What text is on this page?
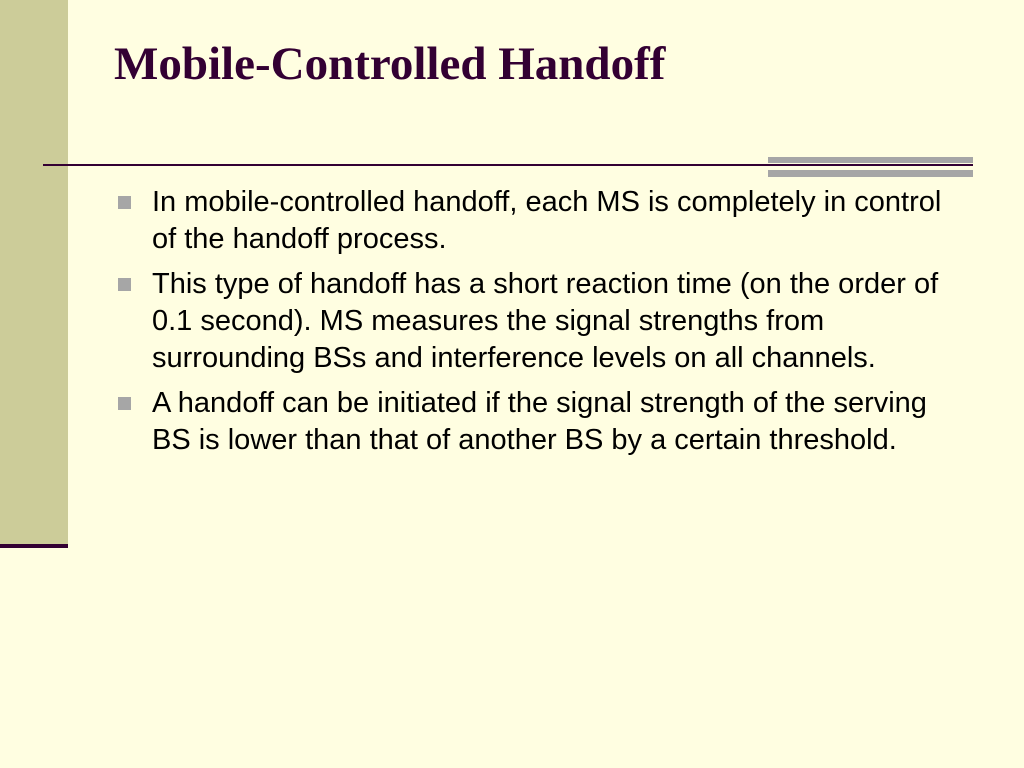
Mobile-Controlled Handoff
In mobile-controlled handoff, each MS is completely in control of the handoff process.
This type of handoff has a short reaction time (on the order of 0.1 second). MS measures the signal strengths from surrounding BSs and interference levels on all channels.
A handoff can be initiated if the signal strength of the serving BS is lower than that of another BS by a certain threshold.
